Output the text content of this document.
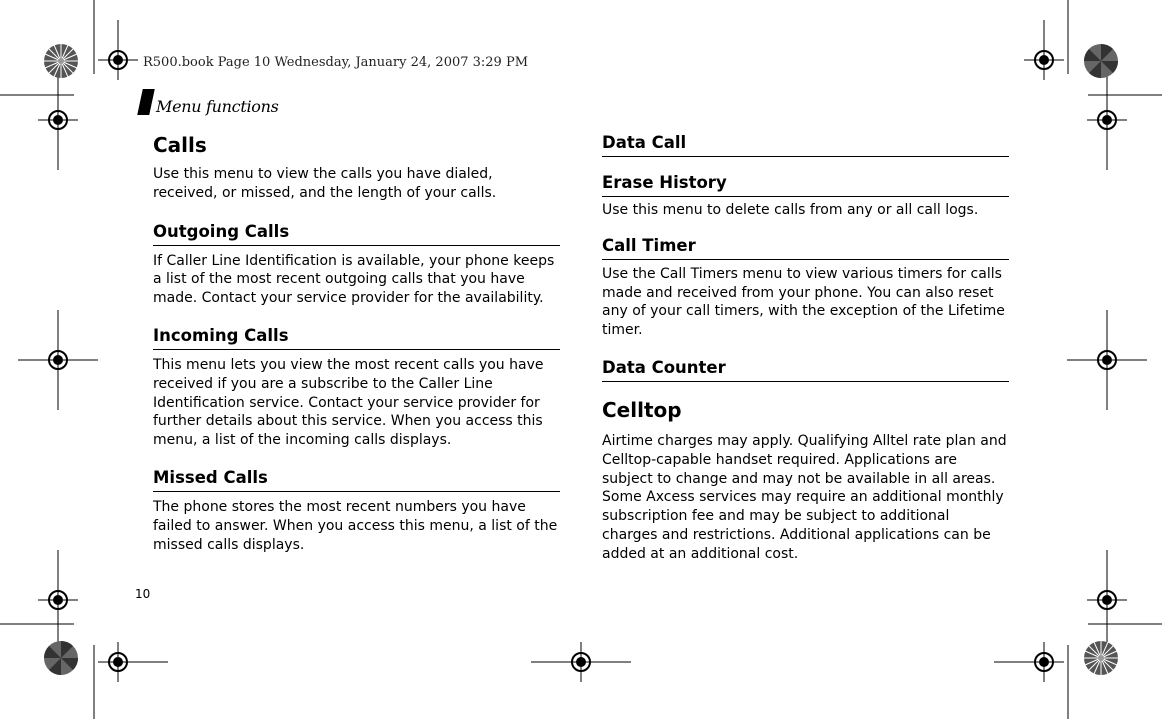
R500.book Page 10 Wednesday, January 24, 2007 3:29 PM
Menu functions
Calls

Use this menu to view the calls you have dialed, received, or missed, and the length of your calls.

Outgoing Calls

If Caller Line Identification is available, your phone keeps a list of the most recent outgoing calls that you have made. Contact your service provider for the availability.

Incoming Calls

This menu lets you view the most recent calls you have received if you are a subscribe to the Caller Line Identification service. Contact your service provider for further details about this service. When you access this menu, a list of the incoming calls displays.

Missed Calls

The phone stores the most recent numbers you have failed to answer. When you access this menu, a list of the missed calls displays.

Data Call
Erase History

Use this menu to delete calls from any or all call logs.

Call Timer

Use the Call Timers menu to view various timers for calls made and received from your phone. You can also reset any of your call timers, with the exception of the Lifetime timer.

Data Counter
Celltop

Airtime charges may apply. Qualifying Alltel rate plan and Celltop-capable handset required. Applications are subject to change and may not be available in all areas. Some Axcess services may require an additional monthly subscription fee and may be subject to additional charges and restrictions. Additional applications can be added at an additional cost.

10
